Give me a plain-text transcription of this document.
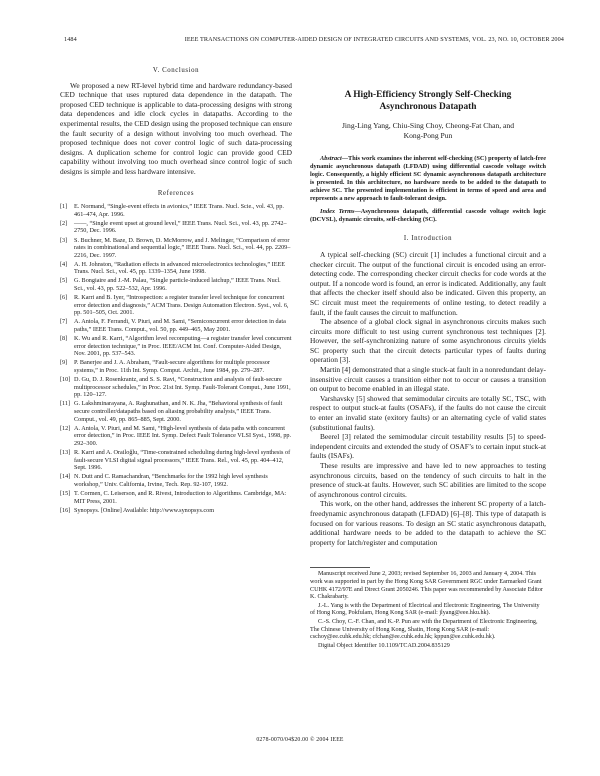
1484	IEEE TRANSACTIONS ON COMPUTER-AIDED DESIGN OF INTEGRATED CIRCUITS AND SYSTEMS, VOL. 23, NO. 10, OCTOBER 2004
V. Conclusion

We proposed a new RT-level hybrid time and hardware redundancy-based CED technique that uses ruptured data dependence in the datapath. The proposed CED technique is applicable to data-processing designs with strong data dependences and idle clock cycles in datapaths. According to the experimental results, the CED design using the proposed technique can ensure the fault security of a design without involving too much overhead. The proposed technique does not cover control logic of such data-processing designs. A duplication scheme for control logic can provide good CED capability without involving too much overhead since control logic of such designs is simple and less hardware intensive.

References
[1]	E. Normand, “Single-event effects in avionics,” IEEE Trans. Nucl. Scie., vol. 43, pp. 461–474, Apr. 1996.
[2]	——, “Single event upset at ground level,” IEEE Trans. Nucl. Sci., vol. 43, pp. 2742–2750, Dec. 1996.
[3]	S. Buchner, M. Baze, D. Brown, D. McMorrow, and J. Melinger, “Comparison of error rates in combinational and sequential logic,” IEEE Trans. Nucl. Sci., vol. 44, pp. 2209–2216, Dec. 1997.
[4]	A. H. Johnston, “Radiation effects in advanced microelectronics technologies,” IEEE Trans. Nucl. Sci., vol. 45, pp. 1339–1354, June 1998.
[5]	G. Bongiaire and J.-M. Palau, “Single particle-induced latchup,” IEEE Trans. Nucl. Sci., vol. 43, pp. 522–532, Apr. 1996.
[6]	R. Karri and B. Iyer, “Introspection: a register transfer level technique for concurrent error detection and diagnosis,” ACM Trans. Design Automation Electron. Syst., vol. 6, pp. 501–505, Oct. 2001.
[7]	A. Antola, F. Ferrandi, V. Piuri, and M. Sami, “Semiconcurrent error detection in data paths,” IEEE Trans. Comput., vol. 50, pp. 449–465, May 2001.
[8]	K. Wu and R. Karri, “Algorithm level recomputing—a register transfer level concurrent error detection technique,” in Proc. IEEE/ACM Int. Conf. Computer-Aided Design, Nov. 2001, pp. 537–543.
[9]	P. Banerjee and J. A. Abraham, “Fault-secure algorithms for multiple processor systems,” in Proc. 11th Int. Symp. Comput. Archit., June 1984, pp. 279–287.
[10] D. Gu, D. J. Rosenkrantz, and S. S. Ravi, “Construction and analysis of fault-secure multiprocessor schedules,” in Proc. 21st Int. Symp. Fault-Tolerant Comput., June 1991, pp. 120–127.
[11] G. Lakshminarayana, A. Raghunathan, and N. K. Jha, “Behavioral synthesis of fault secure controller/datapaths based on aliasing probability analysis,” IEEE Trans. Comput., vol. 49, pp. 865–885, Sept. 2000.
[12] A. Antola, V. Piuri, and M. Sami, “High-level synthesis of data paths with concurrent error detection,” in Proc. IEEE Int. Symp. Defect Fault Tolerance VLSI Syst., 1998, pp. 292–300.
[13] R. Karri and A. Orailoğlu, “Time-constrained scheduling during high-level synthesis of fault-secure VLSI digital signal processors,” IEEE Trans. Rel., vol. 45, pp. 404–412, Sept. 1996.
[14] N. Dutt and C. Ramachandran, “Benchmarks for the 1992 high level synthesis workshop,” Univ. California, Irvine, Tech. Rep. 92-107, 1992.
[15] T. Cormen, C. Leiserson, and R. Rivest, Introduction to Algorithms. Cambridge, MA: MIT Press, 2001.
[16] Synopsys. [Online] Available: http://www.synopsys.com
A High-Efficiency Strongly Self-Checking
Asynchronous Datapath
Jing-Ling Yang, Chiu-Sing Choy, Cheong-Fat Chan, and
Kong-Pong Pun

Abstract—This work examines the inherent self-checking (SC) property of latch-free dynamic asynchronous datapath (LFDAD) using differential cascode voltage switch logic. Consequently, a highly efficient SC dynamic asynchronous datapath architecture is presented. In this architecture, no hardware needs to be added to the datapath to achieve SC. The presented implementation is efficient in terms of speed and area and represents a new approach to fault-tolerant design.

Index Terms—Asynchronous datapath, differential cascode voltage switch logic (DCVSL), dynamic circuits, self-checking (SC).

I. Introduction

A typical self-checking (SC) circuit [1] includes a functional circuit and a checker circuit. The output of the functional circuit is encoded using an error-detecting code. The corresponding checker circuit checks for code words at the output. If a noncode word is found, an error is indicated. Additionally, any fault that affects the checker itself should also be indicated. Given this property, an SC circuit must meet the requirements of online testing, to detect readily a fault, if the fault causes the circuit to malfunction.

The absence of a global clock signal in asynchronous circuits makes such circuits more difficult to test using current synchronous test techniques [2]. However, the self-synchronizing nature of some asynchronous circuits yields SC property such that the circuit detects particular types of faults during operation [3].

Martin [4] demonstrated that a single stuck-at fault in a nonredundant delay-insensitive circuit causes a transition either not to occur or causes a transition on output to become enabled in an illegal state.

Varshavsky [5] showed that semimodular circuits are totally SC, TSC, with respect to output stuck-at faults (OSAFs), if the faults do not cause the circuit to enter an invalid state (exitory faults) or an alternating cycle of valid states (substitutional faults).

Beerel [3] related the semimodular circuit testability results [5] to speed-independent circuits and extended the study of OSAF’s to certain input stuck-at faults (ISAFs).

These results are impressive and have led to new approaches to testing asynchronous circuits, based on the tendency of such circuits to halt in the presence of stuck-at faults. However, such SC abilities are limited to the scope of asynchronous control circuits.

This work, on the other hand, addresses the inherent SC property of a latch-freedynamic asynchronous datapath (LFDAD) [6]–[8]. This type of datapath is focused on for various reasons. To design an SC static asynchronous datapath, additional hardware needs to be added to the datapath to achieve the SC property for latch/register and computation

Manuscript received June 2, 2003; revised September 16, 2003 and January 4, 2004. This work was supported in part by the Hong Kong SAR Government RGC under Earmarked Grant CUHK 4172/97E and Direct Grant 2050246. This paper was recommended by Associate Editor K. Chakrabarty.

J.-L. Yang is with the Department of Electrical and Electronic Engineering, The University of Hong Kong, Pokfulam, Hong Kong SAR (e-mail: jlyang@eee.hku.hk).

C.-S. Choy, C.-F. Chan, and K.-P. Pun are with the Department of Electronic Engineering, The Chinese University of Hong Kong, Shatin, Hong Kong SAR (e-mail: cschoy@ee.cuhk.edu.hk; cfchan@ee.cuhk.edu.hk; kppun@ee.cuhk.edu.hk).

Digital Object Identifier 10.1109/TCAD.2004.835129

0278-0070/04$20.00 © 2004 IEEE
